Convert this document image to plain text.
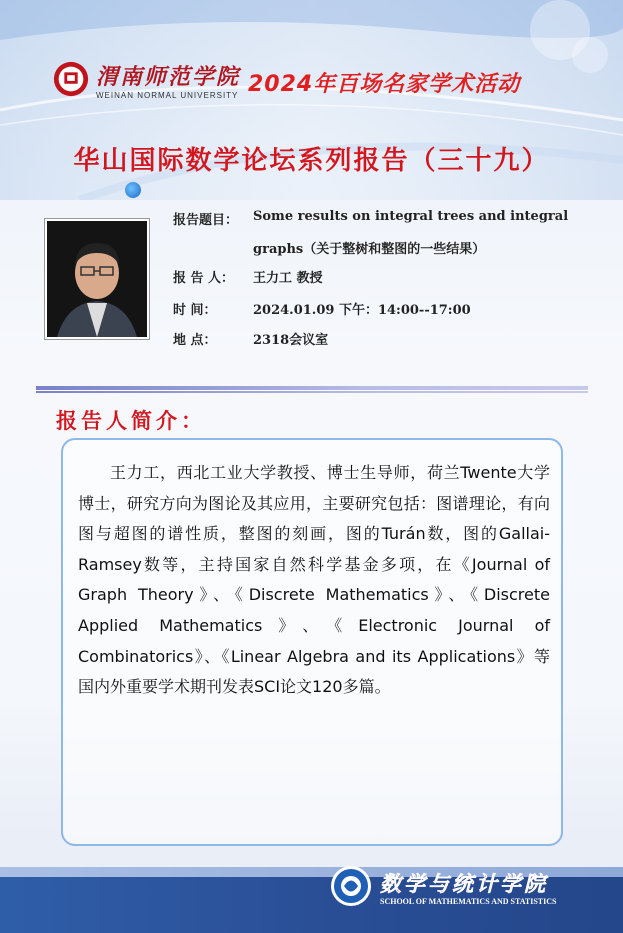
渭南师范学院
WEINAN NORMAL UNIVERSITY 2024年百场名家学术活动
华山国际数学论坛系列报告（三十九）
报告题目： Some results on integral trees and integral
graphs（关于整树和整图的一些结果）
报 告 人： 王力工 教授
时 间：	2024.01.09 下午：14:00--17:00
地 点：	2318会议室
报告人简介：
王力工，西北工业大学教授、博士生导师，荷兰Twente大学博士，研究方向为图论及其应用，主要研究包括：图谱理论，有向图与超图的谱性质，整图的刻画，图的Turán数，图的Gallai-Ramsey数等，主持国家自然科学基金多项，在《Journal of Graph Theory》、《Discrete Mathematics》、《Discrete Applied Mathematics》、《Electronic Journal of Combinatorics》、《Linear Algebra and its Applications》等国内外重要学术期刊发表SCI论文120多篇。
数学与统计学院
SCHOOL OF MATHEMATICS AND STATISTICS
